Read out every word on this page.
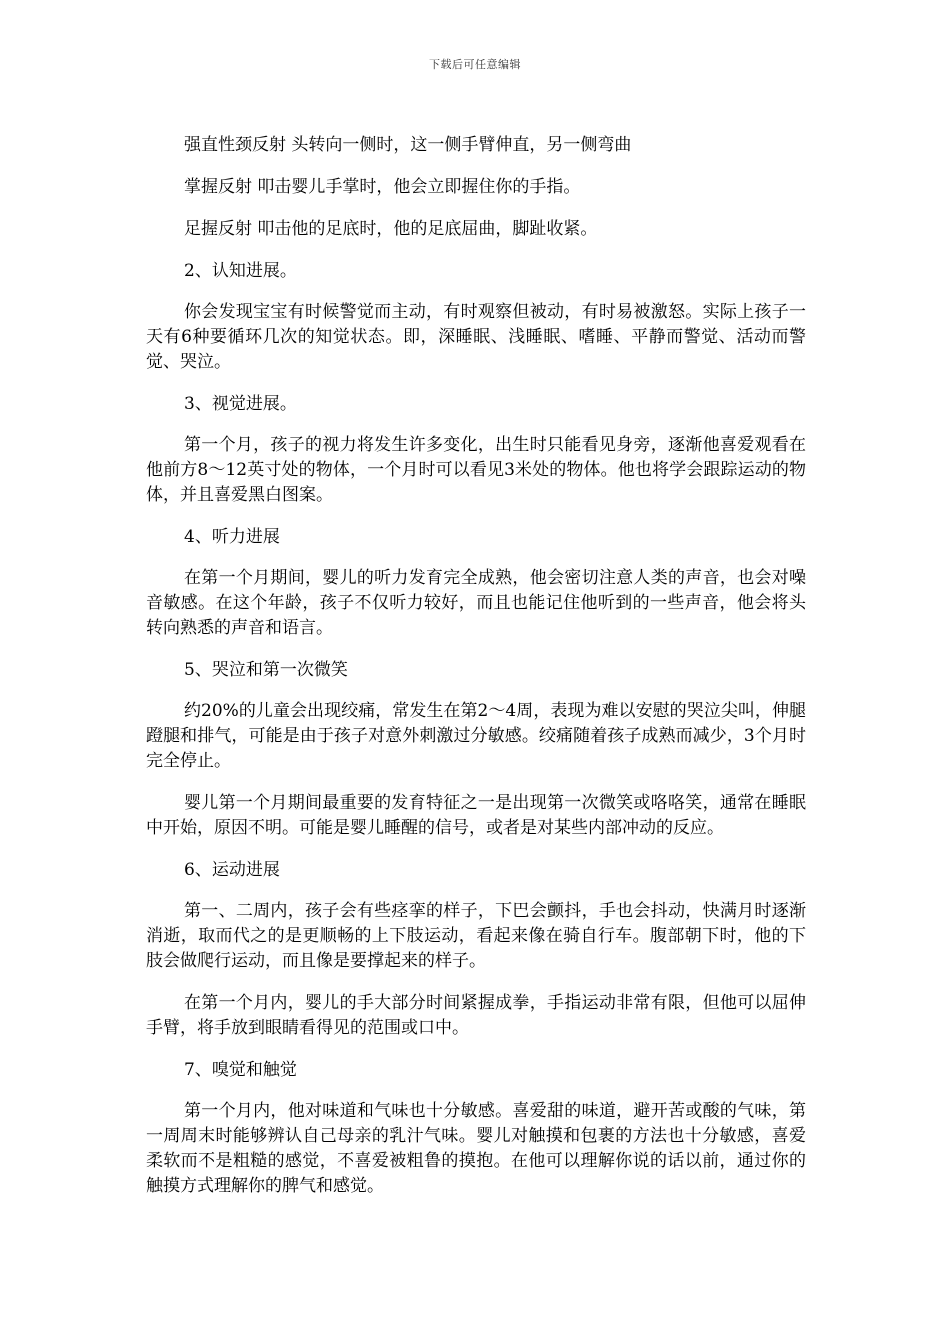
下载后可任意编辑

强直性颈反射 头转向一侧时，这一侧手臂伸直，另一侧弯曲

掌握反射 叩击婴儿手掌时，他会立即握住你的手指。

足握反射 叩击他的足底时，他的足底屈曲，脚趾收紧。

2、认知进展。

你会发现宝宝有时候警觉而主动，有时观察但被动，有时易被激怒。实际上孩子一天有6种要循环几次的知觉状态。即，深睡眠、浅睡眠、嗜睡、平静而警觉、活动而警觉、哭泣。

3、视觉进展。

第一个月，孩子的视力将发生许多变化，出生时只能看见身旁，逐渐他喜爱观看在他前方8～12英寸处的物体，一个月时可以看见3米处的物体。他也将学会跟踪运动的物体，并且喜爱黑白图案。

4、听力进展

在第一个月期间，婴儿的听力发育完全成熟，他会密切注意人类的声音，也会对噪音敏感。在这个年龄，孩子不仅听力较好，而且也能记住他听到的一些声音，他会将头转向熟悉的声音和语言。

5、哭泣和第一次微笑

约20%的儿童会出现绞痛，常发生在第2～4周，表现为难以安慰的哭泣尖叫，伸腿蹬腿和排气，可能是由于孩子对意外刺激过分敏感。绞痛随着孩子成熟而减少，3个月时完全停止。

婴儿第一个月期间最重要的发育特征之一是出现第一次微笑或咯咯笑，通常在睡眠中开始，原因不明。可能是婴儿睡醒的信号，或者是对某些内部冲动的反应。

6、运动进展

第一、二周内，孩子会有些痉挛的样子，下巴会颤抖，手也会抖动，快满月时逐渐消逝，取而代之的是更顺畅的上下肢运动，看起来像在骑自行车。腹部朝下时，他的下肢会做爬行运动，而且像是要撑起来的样子。

在第一个月内，婴儿的手大部分时间紧握成拳，手指运动非常有限，但他可以屈伸手臂，将手放到眼睛看得见的范围或口中。

7、嗅觉和触觉

第一个月内，他对味道和气味也十分敏感。喜爱甜的味道，避开苦或酸的气味，第一周周末时能够辨认自己母亲的乳汁气味。婴儿对触摸和包裹的方法也十分敏感，喜爱柔软而不是粗糙的感觉，不喜爱被粗鲁的摸抱。在他可以理解你说的话以前，通过你的触摸方式理解你的脾气和感觉。
